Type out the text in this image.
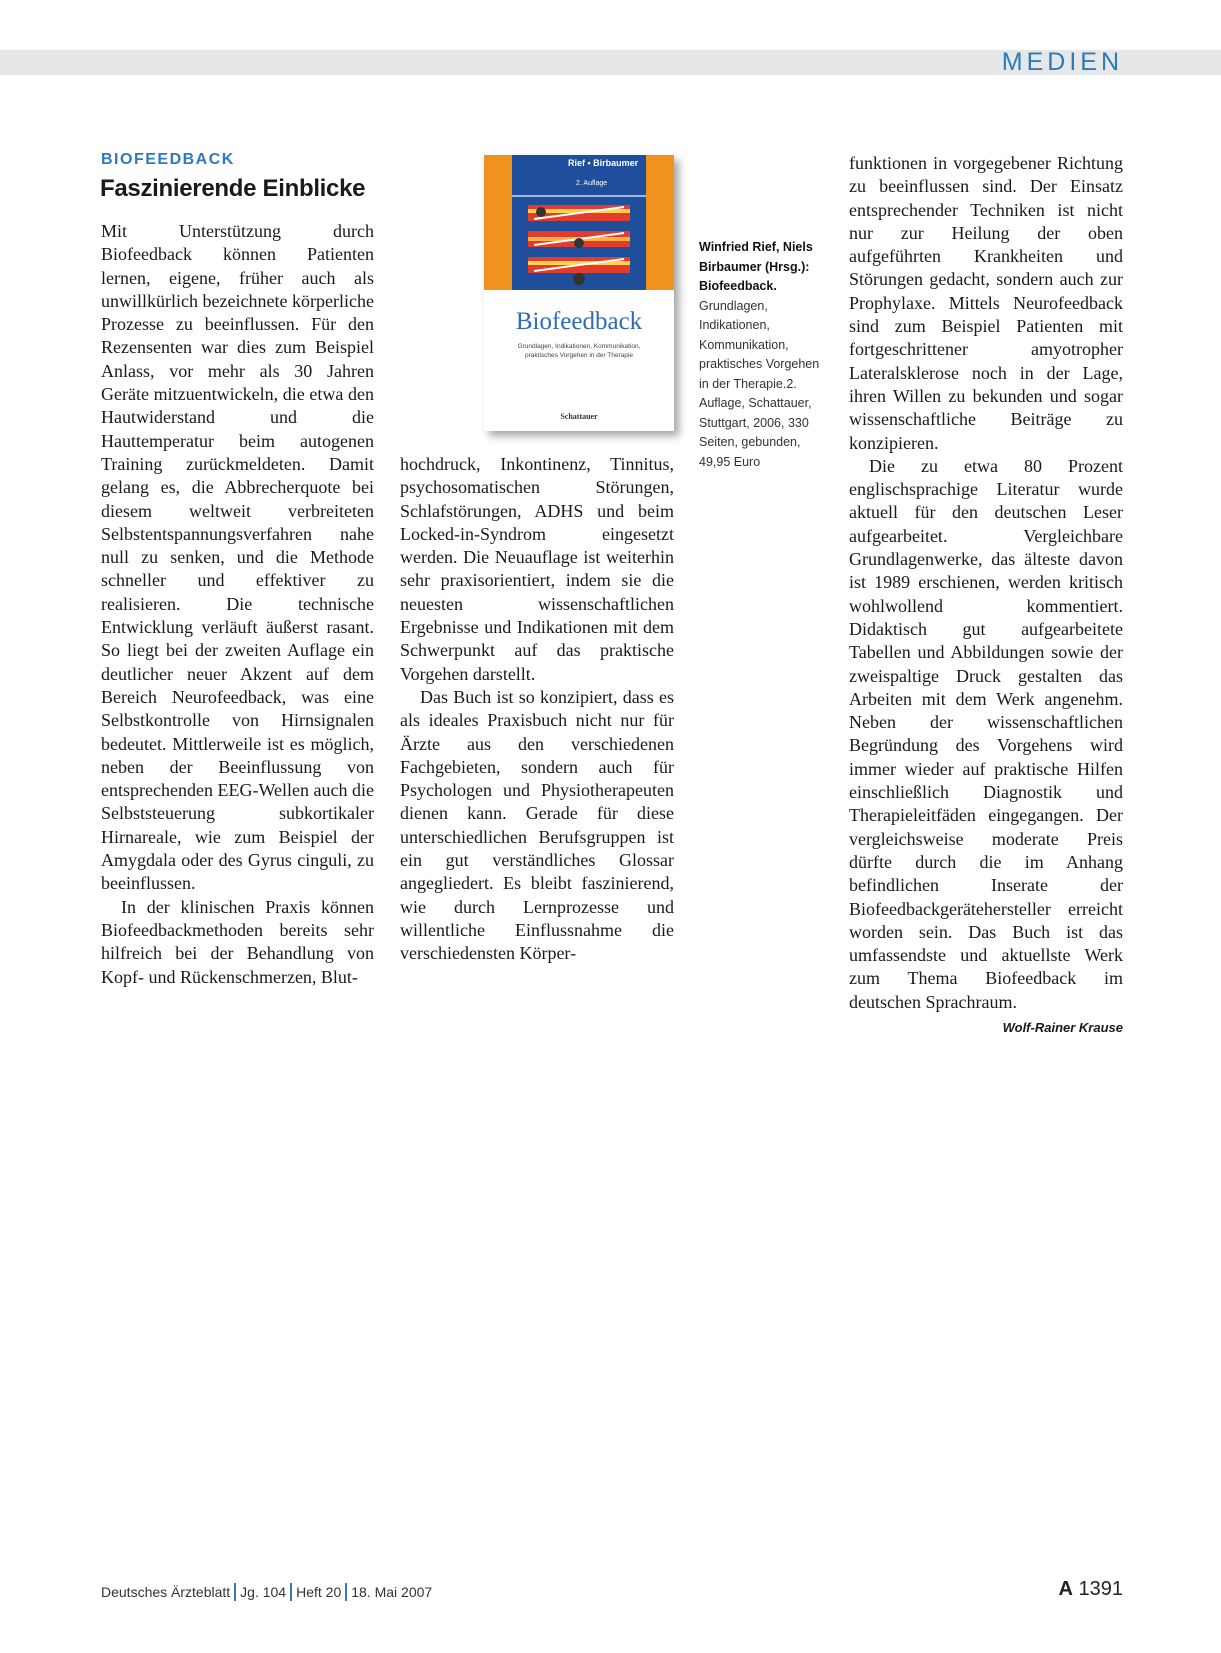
MEDIEN
BIOFEEDBACK
Faszinierende Einblicke

Mit Unterstützung durch Biofeedback können Patienten lernen, eigene, früher auch als unwillkürlich bezeichnete körperliche Prozesse zu beeinflussen. Für den Rezensenten war dies zum Beispiel Anlass, vor mehr als 30 Jahren Geräte mitzuentwickeln, die etwa den Hautwiderstand und die Hauttemperatur beim autogenen Training zurückmeldeten. Damit gelang es, die Abbrecherquote bei diesem weltweit verbreiteten Selbstentspannungsverfahren nahe null zu senken, und die Methode schneller und effektiver zu realisieren. Die technische Entwicklung verläuft äußerst rasant. So liegt bei der zweiten Auflage ein deutlicher neuer Akzent auf dem Bereich Neurofeedback, was eine Selbstkontrolle von Hirnsignalen bedeutet. Mittlerweile ist es möglich, neben der Beeinflussung von entsprechenden EEG-Wellen auch die Selbststeuerung subkortikaler Hirnareale, wie zum Beispiel der Amygdala oder des Gyrus cinguli, zu beeinflussen.

In der klinischen Praxis können Biofeedbackmethoden bereits sehr hilfreich bei der Behandlung von Kopf- und Rückenschmerzen, Blut-

Rief • Birbaumer
2. Auflage
Biofeedback
Grundlagen, Indikationen, Kommunikation,
praktisches Vorgehen in der Therapie
Schattauer
Winfried Rief, Niels Birbaumer (Hrsg.): Biofeedback. Grundlagen, Indikationen, Kommunikation, praktisches Vorgehen in der Therapie.2. Auflage, Schattauer, Stuttgart, 2006, 330 Seiten, gebunden, 49,95 Euro

hochdruck, Inkontinenz, Tinnitus, psychosomatischen Störungen, Schlafstörungen, ADHS und beim Locked-in-Syndrom eingesetzt werden. Die Neuauflage ist weiterhin sehr praxisorientiert, indem sie die neuesten wissenschaftlichen Ergebnisse und Indikationen mit dem Schwerpunkt auf das praktische Vorgehen darstellt.

Das Buch ist so konzipiert, dass es als ideales Praxisbuch nicht nur für Ärzte aus den verschiedenen Fachgebieten, sondern auch für Psychologen und Physiotherapeuten dienen kann. Gerade für diese unterschiedlichen Berufsgruppen ist ein gut verständliches Glossar angegliedert. Es bleibt faszinierend, wie durch Lernprozesse und willentliche Einflussnahme die verschiedensten Körper-

funktionen in vorgegebener Richtung zu beeinflussen sind. Der Einsatz entsprechender Techniken ist nicht nur zur Heilung der oben aufgeführten Krankheiten und Störungen gedacht, sondern auch zur Prophylaxe. Mittels Neurofeedback sind zum Beispiel Patienten mit fortgeschrittener amyotropher Lateralsklerose noch in der Lage, ihren Willen zu bekunden und sogar wissenschaftliche Beiträge zu konzipieren.

Die zu etwa 80 Prozent englischsprachige Literatur wurde aktuell für den deutschen Leser aufgearbeitet. Vergleichbare Grundlagenwerke, das älteste davon ist 1989 erschienen, werden kritisch wohlwollend kommentiert. Didaktisch gut aufgearbeitete Tabellen und Abbildungen sowie der zweispaltige Druck gestalten das Arbeiten mit dem Werk angenehm. Neben der wissenschaftlichen Begründung des Vorgehens wird immer wieder auf praktische Hilfen einschließlich Diagnostik und Therapieleitfäden eingegangen. Der vergleichsweise moderate Preis dürfte durch die im Anhang befindlichen Inserate der Biofeedbackgerätehersteller erreicht worden sein. Das Buch ist das umfassendste und aktuellste Werk zum Thema Biofeedback im deutschen Sprachraum.
Wolf-Rainer Krause

Deutsches Ärzteblatt Jg. 104 Heft 20 18. Mai 2007	A 1391
